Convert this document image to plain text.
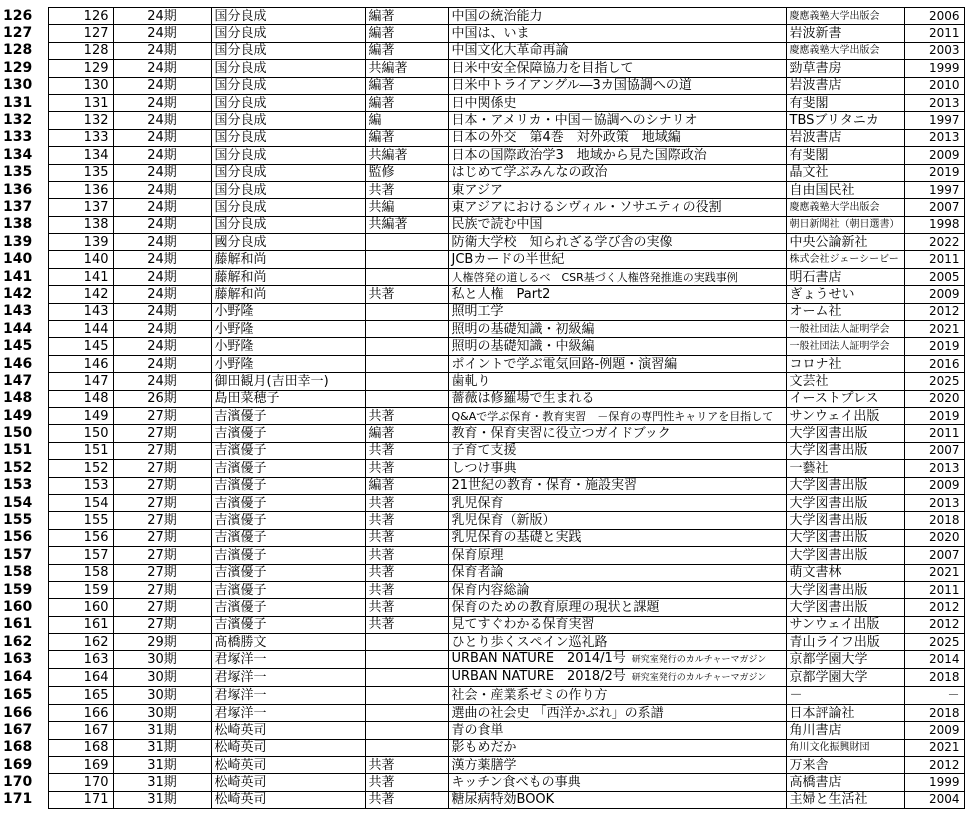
126	126	24期	国分良成	編著	中国の統治能力	慶應義塾大学出版会	2006
127	127	24期	国分良成	編著	中国は、いま	岩波新書	2011
128	128	24期	国分良成	編著	中国文化大革命再論	慶應義塾大学出版会	2003
129	129	24期	国分良成	共編著	日米中安全保障協力を目指して	勁草書房	1999
130	130	24期	国分良成	編著	日米中トライアングル―3カ国協調への道	岩波書店	2010
131	131	24期	国分良成	編著	日中関係史	有斐閣	2013
132	132	24期	国分良成	編	日本・アメリカ・中国－協調へのシナリオ	TBSブリタニカ	1997
133	133	24期	国分良成	編著	日本の外交　第4巻　対外政策　地域編	岩波書店	2013
134	134	24期	国分良成	共編著	日本の国際政治学3　地域から見た国際政治	有斐閣	2009
135	135	24期	国分良成	監修	はじめて学ぶみんなの政治	晶文社	2019
136	136	24期	国分良成	共著	東アジア	自由国民社	1997
137	137	24期	国分良成	共編	東アジアにおけるシヴィル・ソサエティの役割	慶應義塾大学出版会	2007
138	138	24期	国分良成	共編著	民族で読む中国	朝日新聞社（朝日選書）	1998
139	139	24期	國分良成		防衛大学校　知られざる学び舎の実像	中央公論新社	2022
140	140	24期	藤解和尚		JCBカードの半世紀	株式会社ジェーシービー	2011
141	141	24期	藤解和尚		人権啓発の道しるべ　CSR基づく人権啓発推進の実践事例	明石書店	2005
142	142	24期	藤解和尚	共著	私と人権　Part2	ぎょうせい	2009
143	143	24期	小野隆		照明工学	オーム社	2012
144	144	24期	小野隆		照明の基礎知識・初級編	一般社団法人証明学会	2021
145	145	24期	小野隆		照明の基礎知識・中級編	一般社団法人証明学会	2019
146	146	24期	小野隆		ポイントで学ぶ電気回路-例題・演習編	コロナ社	2016
147	147	24期	御田観月(吉田幸一)		歯軋り	文芸社	2025
148	148	26期	島田菜穂子		薔薇は修羅場で生まれる	イーストプレス	2020
149	149	27期	吉濱優子	共著	Q&Aで学ぶ保育・教育実習　－保育の専門性キャリアを目指して	サンウェイ出版	2019
150	150	27期	吉濱優子	編著	教育・保育実習に役立つガイドブック	大学図書出版	2011
151	151	27期	吉濱優子	共著	子育て支援	大学図書出版	2007
152	152	27期	吉濱優子	共著	しつけ事典	一藝社	2013
153	153	27期	吉濱優子	編著	21世紀の教育・保育・施設実習	大学図書出版	2009
154	154	27期	吉濱優子	共著	乳児保育	大学図書出版	2013
155	155	27期	吉濱優子	共著	乳児保育（新版）	大学図書出版	2018
156	156	27期	吉濱優子	共著	乳児保育の基礎と実践	大学図書出版	2020
157	157	27期	吉濱優子	共著	保育原理	大学図書出版	2007
158	158	27期	吉濱優子	共著	保育者論	萌文書林	2021
159	159	27期	吉濱優子	共著	保育内容総論	大学図書出版	2011
160	160	27期	吉濱優子	共著	保育のための教育原理の現状と課題	大学図書出版	2012
161	161	27期	吉濱優子	共著	見てすぐわかる保育実習	サンウェイ出版	2012
162	162	29期	髙橋勝文		ひとり歩くスペイン巡礼路	青山ライフ出版	2025
163	163	30期	君塚洋一		URBAN NATURE　2014/1号 研究室発行のカルチャーマガジン	京都学園大学	2014
164	164	30期	君塚洋一		URBAN NATURE　2018/2号 研究室発行のカルチャーマガジン	京都学園大学	2018
165	165	30期	君塚洋一		社会・産業系ゼミの作り方	－	－
166	166	30期	君塚洋一		選曲の社会史 「西洋かぶれ」の系譜	日本評論社	2018
167	167	31期	松崎英司		青の食単	角川書店	2009
168	168	31期	松崎英司		影もめだか	角川文化振興財団	2021
169	169	31期	松崎英司	共著	漢方薬膳学	万来舎	2012
170	170	31期	松崎英司	共著	キッチン食べもの事典	高橋書店	1999
171	171	31期	松崎英司	共著	糖尿病特効BOOK	主婦と生活社	2004
